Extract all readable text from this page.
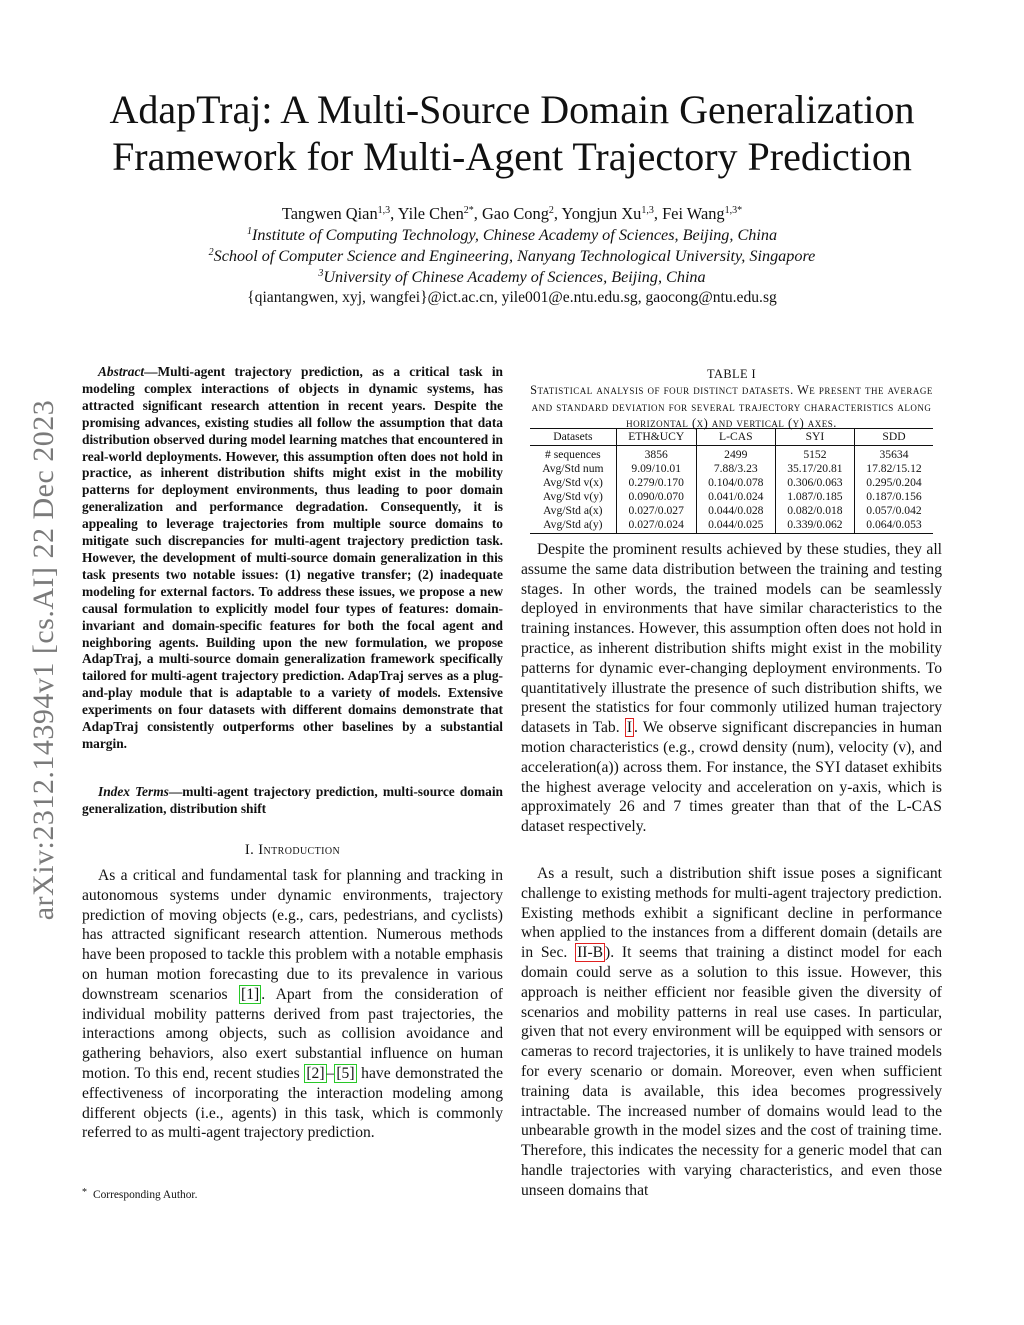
arXiv:2312.14394v1 [cs.AI] 22 Dec 2023
AdapTraj: A Multi-Source Domain Generalization Framework for Multi-Agent Trajectory Prediction
Tangwen Qian$^{1,3}$, Yile Chen$^{2*}$, Gao Cong$^2$, Yongjun Xu$^{1,3}$, Fei Wang$^{1,3*}$
$^1$Institute of Computing Technology, Chinese Academy of Sciences, Beijing, China
$^2$School of Computer Science and Engineering, Nanyang Technological University, Singapore
$^3$University of Chinese Academy of Sciences, Beijing, China
{qiantangwen, xyj, wangfei}@ict.ac.cn, yile001@e.ntu.edu.sg, gaocong@ntu.edu.sg

Abstract—Multi-agent trajectory prediction, as a critical task in modeling complex interactions of objects in dynamic systems, has attracted significant research attention in recent years. Despite the promising advances, existing studies all follow the assumption that data distribution observed during model learning matches that encountered in real-world deployments. However, this assumption often does not hold in practice, as inherent distribution shifts might exist in the mobility patterns for deployment environments, thus leading to poor domain generalization and performance degradation. Consequently, it is appealing to leverage trajectories from multiple source domains to mitigate such discrepancies for multi-agent trajectory prediction task. However, the development of multi-source domain generalization in this task presents two notable issues: (1) negative transfer; (2) inadequate modeling for external factors. To address these issues, we propose a new causal formulation to explicitly model four types of features: domain-invariant and domain-specific features for both the focal agent and neighboring agents. Building upon the new formulation, we propose AdapTraj, a multi-source domain generalization framework specifically tailored for multi-agent trajectory prediction. AdapTraj serves as a plug-and-play module that is adaptable to a variety of models. Extensive experiments on four datasets with different domains demonstrate that AdapTraj consistently outperforms other baselines by a substantial margin.

Index Terms—multi-agent trajectory prediction, multi-source domain generalization, distribution shift

I. Introduction

As a critical and fundamental task for planning and tracking in autonomous systems under dynamic environments, trajectory prediction of moving objects (e.g., cars, pedestrians, and cyclists) has attracted significant research attention. Numerous methods have been proposed to tackle this problem with a notable emphasis on human motion forecasting due to its prevalence in various downstream scenarios [1] . Apart from the consideration of individual mobility patterns derived from past trajectories, the interactions among objects, such as collision avoidance and gathering behaviors, also exert substantial influence on human motion. To this end, recent studies [2] – [5] have demonstrated the effectiveness of incorporating the interaction modeling among different objects (i.e., agents) in this task, which is commonly referred to as multi-agent trajectory prediction.

* Corresponding Author.
TABLE I
Statistical analysis of four distinct datasets. We present the average and standard deviation for several trajectory characteristics along horizontal (x) and vertical (y) axes.
Datasets	ETH&UCY	L-CAS	SYI	SDD
# sequences	3856	2499	5152	35634
Avg/Std num	9.09/10.01	7.88/3.23	35.17/20.81	17.82/15.12
Avg/Std v(x)	0.279/0.170	0.104/0.078	0.306/0.063	0.295/0.204
Avg/Std v(y)	0.090/0.070	0.041/0.024	1.087/0.185	0.187/0.156
Avg/Std a(x)	0.027/0.027	0.044/0.028	0.082/0.018	0.057/0.042
Avg/Std a(y)	0.027/0.024	0.044/0.025	0.339/0.062	0.064/0.053

Despite the prominent results achieved by these studies, they all assume the same data distribution between the training and testing stages. In other words, the trained models can be seamlessly deployed in environments that have similar characteristics to the training instances. However, this assumption often does not hold in practice, as inherent distribution shifts might exist in the mobility patterns for dynamic ever-changing deployment environments. To quantitatively illustrate the presence of such distribution shifts, we present the statistics for four commonly utilized human trajectory datasets in Tab. I . We observe significant discrepancies in human motion characteristics (e.g., crowd density (num), velocity (v), and acceleration(a)) across them. For instance, the SYI dataset exhibits the highest average velocity and acceleration on y-axis, which is approximately 26 and 7 times greater than that of the L-CAS dataset respectively.

As a result, such a distribution shift issue poses a significant challenge to existing methods for multi-agent trajectory prediction. Existing methods exhibit a significant decline in performance when applied to the instances from a different domain (details are in Sec. II-B ). It seems that training a distinct model for each domain could serve as a solution to this issue. However, this approach is neither efficient nor feasible given the diversity of scenarios and mobility patterns in real use cases. In particular, given that not every environment will be equipped with sensors or cameras to record trajectories, it is unlikely to have trained models for every scenario or domain. Moreover, even when sufficient training data is available, this idea becomes progressively intractable. The increased number of domains would lead to the unbearable growth in the model sizes and the cost of training time. Therefore, this indicates the necessity for a generic model that can handle trajectories with varying characteristics, and even those unseen domains that
